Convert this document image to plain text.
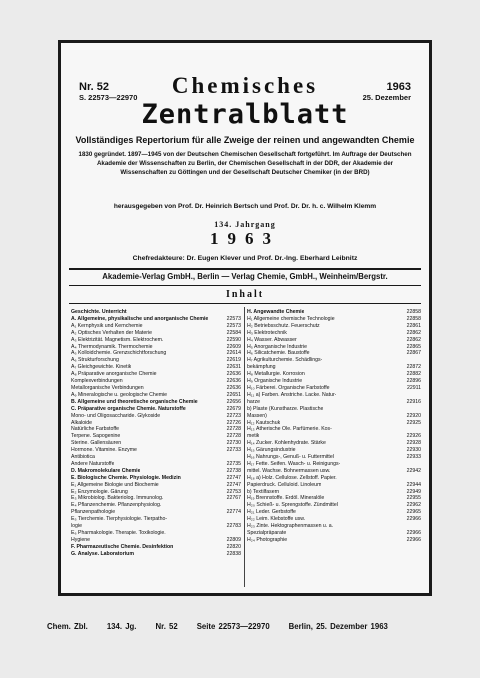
Nr. 52
S. 22573—22970
1963
25. Dezember
Chemisches
Zentralblatt
Vollständiges Repertorium für alle Zweige der reinen und angewandten Chemie
1830 gegründet. 1897—1945 von der Deutschen Chemischen Gesellschaft fortgeführt. Im Auftrage der Deutschen Akademie der Wissenschaften zu Berlin, der Chemischen Gesellschaft in der DDR, der Akademie der Wissenschaften zu Göttingen und der Gesellschaft Deutscher Chemiker (in der BRD)
herausgegeben von Prof. Dr. Heinrich Bertsch und Prof. Dr. Dr. h. c. Wilhelm Klemm
134. Jahrgang
1963
Chefredakteure: Dr. Eugen Klever und Prof. Dr.-Ing. Eberhard Leibnitz
Akademie-Verlag GmbH., Berlin — Verlag Chemie, GmbH., Weinheim/Bergstr.
Inhalt
Geschichte. Unterricht
A. Allgemeine, physikalische und anorganische Chemie	22573
A₁ Kernphysik und Kernchemie	22573
A₂ Optisches Verhalten der Materie	22584
A₃ Elektrizität. Magnetism. Elektrochem.	22590
A₄ Thermodynamik. Thermochemie	22609
A₅ Kolloidchemie. Grenzschichtforschung	22614
A₆ Strukturforschung	22619
A₇ Gleichgewichte. Kinetik	22631
A₈ Präparative anorganische Chemie	22636
Komplexverbindungen	22636
Metallorganische Verbindungen	22636
A₉ Mineralogische u. geologische Chemie	22651
B. Allgemeine und theoretische organische Chemie	22656
C. Präparative organische Chemie. Naturstoffe	22679
Mono- und Oligosaccharide. Glykoside	22723
Alkaloide	22726
Natürliche Farbstoffe	22728
Terpene. Sapogenine	22728
Sterine. Gallensäuren	22730
Hormone. Vitamine. Enzyme	22733
Antibiotica
Andere Naturstoffe	22735
D. Makromolekulare Chemie	22738
E. Biologische Chemie. Physiologie. Medizin	22747
E₁ Allgemeine Biologie und Biochemie	22747
E₂ Enzymologie. Gärung	22753
E₃ Mikrobiolog. Bakteriolog. Immunolog.	22767
E₄ Pflanzenchemie. Pflanzenphysiolog.
Pflanzenpathologie	22774
E₅ Tierchemie. Tierphysiologie. Tierpatho-
logie	22783
E₆ Pharmakologie. Therapie. Toxikologie.
Hygiene	22809
F. Pharmazeutische Chemie. Desinfektion	22820
G. Analyse. Laboratorium	22838
H. Angewandte Chemie	22858
H₁ Allgemeine chemische Technologie	22858
H₂ Betriebsschutz. Feuerschutz	22861
H₃ Elektrotechnik	22862
H₄ Wasser. Abwasser	22862
H₅ Anorganische Industrie	22865
H₆ Silicatchemie. Baustoffe	22867
H₇ Agrikulturchemie. Schädlings-
bekämpfung	22872
H₈ Metallurgie. Korrosion	22882
H₉ Organische Industrie	22896
H₁₀ Färberei. Organische Farbstoffe	22911
H₁₁ a) Farben. Anstriche. Lacke. Natur-
harze	22916
b) Plaste (Kunstharze. Plastische
Massen)	22920
H₁₂ Kautschuk	22925
H₁₃ Ätherische Öle. Parfümerie. Kos-
metik	22926
H₁₄ Zucker. Kohlenhydrate. Stärke	22928
H₁₅ Gärungsindustrie	22930
H₁₆ Nahrungs-, Genuß- u. Futtermittel	22933
H₁₇ Fette. Seifen. Wasch- u. Reinigungs-
mittel. Wachse. Bohnermassen usw.	22942
H₁₈ a) Holz. Cellulose. Zellstoff. Papier.
Papierdruck. Celluloid. Linoleum	22944
b) Textilfasern	22949
H₁₉ Brennstoffe. Erdöl. Mineralöle	22955
H₂₀ Schieß- u. Sprengstoffe. Zündmittel	22962
H₂₁ Leder. Gerbstoffe	22965
H₂₂ Leim. Klebstoffe usw.	22966
H₂₃ Zinte. Hektographenmassen u. a.
Spezialpräparate	22966
H₂₄ Photographie	22966
Chem. Zbl.      134. Jg.      Nr. 52      Seite 22573—22970      Berlin, 25. Dezember 1963
